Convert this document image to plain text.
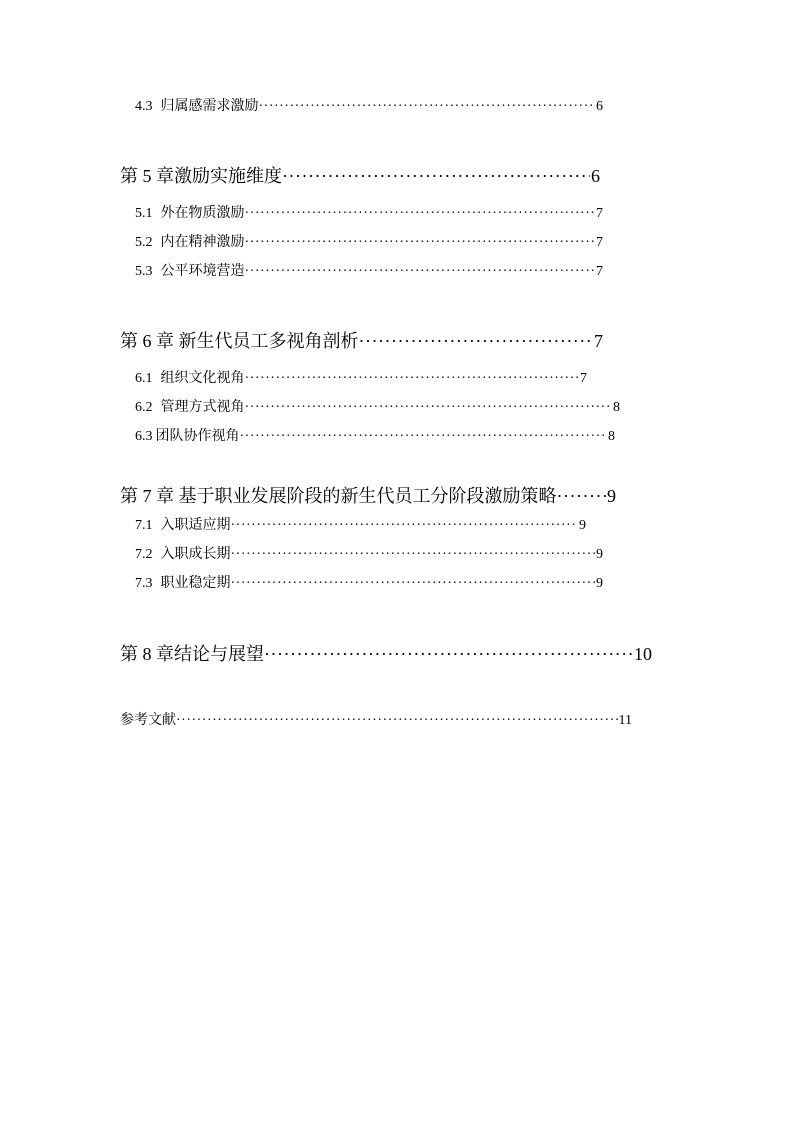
4.3 归属感需求激励 ·····	6
第 5 章激励实施维度 ·····	6
5.1 外在物质激励 ·····	7
5.2 内在精神激励 ·····	7
5.3 公平环境营造 ·····	7
第 6 章 新生代员工多视角剖析 ·····	7
6.1 组织文化视角 ·····	7
6.2 管理方式视角 ·····	8
6.3 团队协作视角 ·····	8
第 7 章 基于职业发展阶段的新生代员工分阶段激励策略 ·····	9
7.1 入职适应期 ·····	9
7.2 入职成长期 ·····	9
7.3 职业稳定期 ·····	9
第 8 章结论与展望 ·····	10
参考文献 ·····	11
